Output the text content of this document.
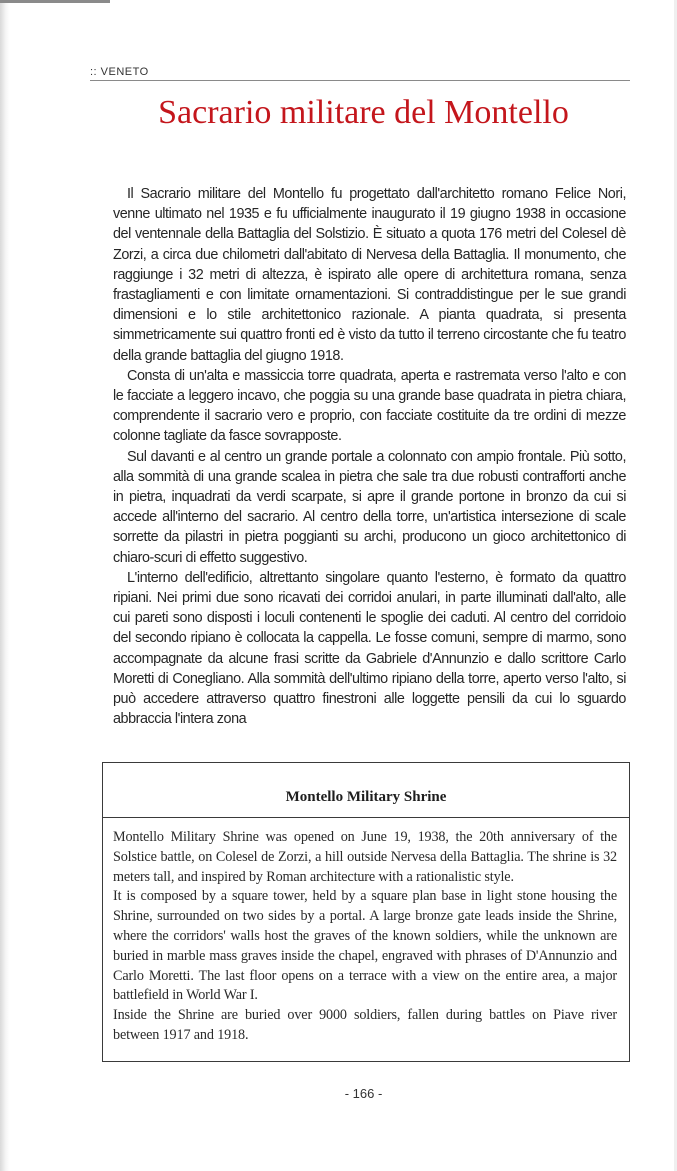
:: VENETO
Sacrario militare del Montello

Il Sacrario militare del Montello fu progettato dall'architetto romano Felice Nori, venne ultimato nel 1935 e fu ufficialmente inaugurato il 19 giugno 1938 in occasione del ventennale della Battaglia del Solstizio. È situato a quota 176 metri del Colesel dè Zorzi, a circa due chilometri dall'abitato di Nervesa della Battaglia. Il monumento, che raggiunge i 32 metri di altezza, è ispirato alle opere di architettura romana, senza frastagliamenti e con limitate ornamentazioni. Si contraddistingue per le sue grandi dimensioni e lo stile architettonico razionale. A pianta quadrata, si presenta simmetricamente sui quattro fronti ed è visto da tutto il terreno circostante che fu teatro della grande battaglia del giugno 1918.

Consta di un'alta e massiccia torre quadrata, aperta e rastremata verso l'alto e con le facciate a leggero incavo, che poggia su una grande base quadrata in pietra chiara, comprendente il sacrario vero e proprio, con facciate costituite da tre ordini di mezze colonne tagliate da fasce sovrapposte.

Sul davanti e al centro un grande portale a colonnato con ampio frontale. Più sotto, alla sommità di una grande scalea in pietra che sale tra due robusti contrafforti anche in pietra, inquadrati da verdi scarpate, si apre il grande portone in bronzo da cui si accede all'interno del sacrario. Al centro della torre, un'artistica intersezione di scale sorrette da pilastri in pietra poggianti su archi, producono un gioco architettonico di chiaro-scuri di effetto suggestivo.

L'interno dell'edificio, altrettanto singolare quanto l'esterno, è formato da quattro ripiani. Nei primi due sono ricavati dei corridoi anulari, in parte illuminati dall'alto, alle cui pareti sono disposti i loculi contenenti le spoglie dei caduti. Al centro del corridoio del secondo ripiano è collocata la cappella. Le fosse comuni, sempre di marmo, sono accompagnate da alcune frasi scritte da Gabriele d'Annunzio e dallo scrittore Carlo Moretti di Conegliano. Alla sommità dell'ultimo ripiano della torre, aperto verso l'alto, si può accedere attraverso quattro finestroni alle loggette pensili da cui lo sguardo abbraccia l'intera zona

Montello Military Shrine

Montello Military Shrine was opened on June 19, 1938, the 20th anniversary of the Solstice battle, on Colesel de Zorzi, a hill outside Nervesa della Battaglia. The shrine is 32 meters tall, and inspired by Roman architecture with a rationalistic style.

It is composed by a square tower, held by a square plan base in light stone housing the Shrine, surrounded on two sides by a portal. A large bronze gate leads inside the Shrine, where the corridors' walls host the graves of the known soldiers, while the unknown are buried in marble mass graves inside the chapel, engraved with phrases of D'Annunzio and Carlo Moretti. The last floor opens on a terrace with a view on the entire area, a major battlefield in World War I.

Inside the Shrine are buried over 9000 soldiers, fallen during battles on Piave river between 1917 and 1918.

- 166 -
